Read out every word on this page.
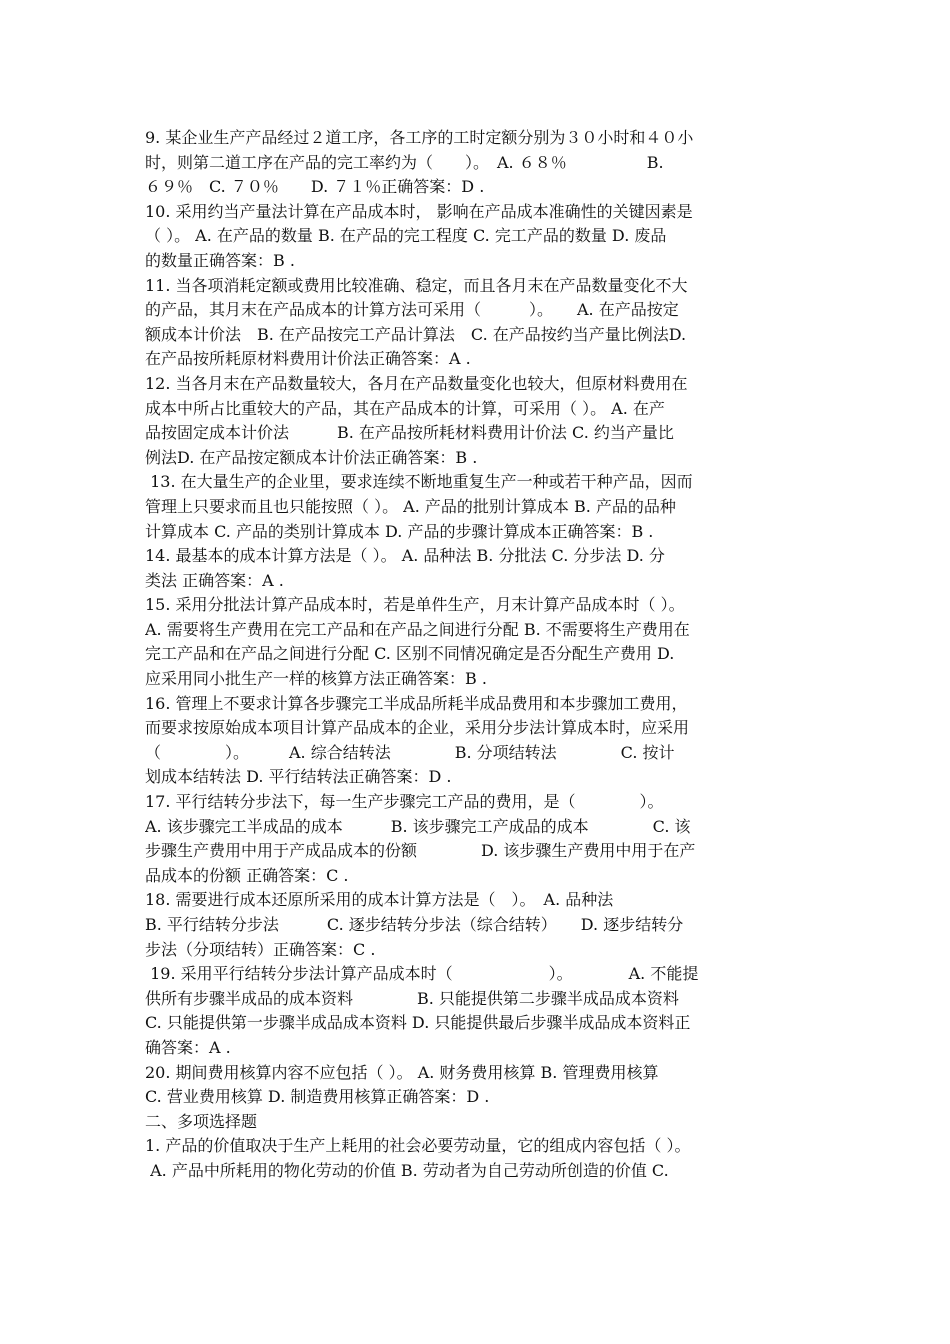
9. 某企业生产产品经过２道工序，各工序的工时定额分别为３０小时和４０小
时，则第二道工序在产品的完工率约为（　　）。　A. ６８％　　　　　B.
６９％　C. ７０％　　D. ７１％正确答案：D .
10. 采用约当产量法计算在产品成本时， 影响在产品成本准确性的关键因素是
（ ）。 A. 在产品的数量 B. 在产品的完工程度 C. 完工产品的数量 D. 废品
的数量正确答案：B .
11. 当各项消耗定额或费用比较准确、稳定，而且各月末在产品数量变化不大
的产品，其月末在产品成本的计算方法可采用（　　　）。　　A. 在产品按定
额成本计价法　B. 在产品按完工产品计算法　C. 在产品按约当产量比例法D.
在产品按所耗原材料费用计价法正确答案：A .
12. 当各月末在产品数量较大，各月在产品数量变化也较大，但原材料费用在
成本中所占比重较大的产品，其在产品成本的计算，可采用（ ）。 A. 在产
品按固定成本计价法　　　B. 在产品按所耗材料费用计价法 C. 约当产量比
例法D. 在产品按定额成本计价法正确答案：B .
13. 在大量生产的企业里，要求连续不断地重复生产一种或若干种产品，因而
管理上只要求而且也只能按照（ ）。 A. 产品的批别计算成本 B. 产品的品种
计算成本 C. 产品的类别计算成本 D. 产品的步骤计算成本正确答案：B .
14. 最基本的成本计算方法是（ ）。 A. 品种法 B. 分批法 C. 分步法 D. 分
类法 正确答案：A .
15. 采用分批法计算产品成本时，若是单件生产，月末计算产品成本时（ ）。
A. 需要将生产费用在完工产品和在产品之间进行分配 B. 不需要将生产费用在
完工产品和在产品之间进行分配 C. 区别不同情况确定是否分配生产费用 D.
应采用同小批生产一样的核算方法正确答案：B .
16. 管理上不要求计算各步骤完工半成品所耗半成品费用和本步骤加工费用，
而要求按原始成本项目计算产品成本的企业，采用分步法计算成本时，应采用
（　　　　）。　　　A. 综合结转法　　　　B. 分项结转法　　　　C. 按计
划成本结转法 D. 平行结转法正确答案：D .
17. 平行结转分步法下，每一生产步骤完工产品的费用，是（　　　　）。
A. 该步骤完工半成品的成本　　　B. 该步骤完工产成品的成本　　　　C. 该
步骤生产费用中用于产成品成本的份额　　　　D. 该步骤生产费用中用于在产
品成本的份额 正确答案：C .
18. 需要进行成本还原所采用的成本计算方法是（　）。　A. 品种法
B. 平行结转分步法　　　C. 逐步结转分步法（综合结转）　　D. 逐步结转分
步法（分项结转）正确答案：C .
19. 采用平行结转分步法计算产品成本时（　　　　　　）。　　　　A. 不能提
供所有步骤半成品的成本资料　　　　B. 只能提供第二步骤半成品成本资料
C. 只能提供第一步骤半成品成本资料 D. 只能提供最后步骤半成品成本资料正
确答案：A .
20. 期间费用核算内容不应包括（ ）。 A. 财务费用核算 B. 管理费用核算
C. 营业费用核算 D. 制造费用核算正确答案：D .
二、多项选择题
1. 产品的价值取决于生产上耗用的社会必要劳动量，它的组成内容包括（ ）。
A. 产品中所耗用的物化劳动的价值 B. 劳动者为自己劳动所创造的价值 C.
